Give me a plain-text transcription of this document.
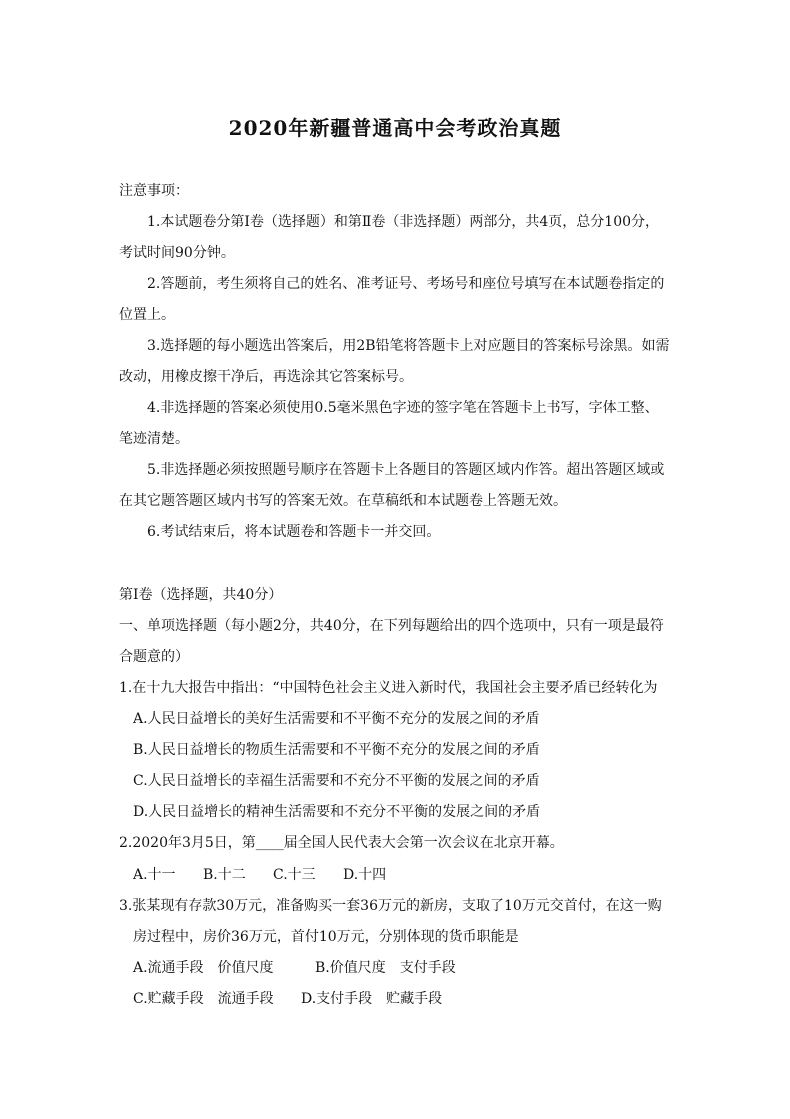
2020年新疆普通高中会考政治真题
注意事项：
1.本试题卷分第Ⅰ卷（选择题）和第Ⅱ卷（非选择题）两部分，共4页，总分100分，
考试时间90分钟。
2.答题前，考生须将自己的姓名、准考证号、考场号和座位号填写在本试题卷指定的
位置上。
3.选择题的每小题选出答案后，用2B铅笔将答题卡上对应题目的答案标号涂黑。如需
改动，用橡皮擦干净后，再选涂其它答案标号。
4.非选择题的答案必须使用0.5毫米黑色字迹的签字笔在答题卡上书写，字体工整、
笔迹清楚。
5.非选择题必须按照题号顺序在答题卡上各题目的答题区域内作答。超出答题区域或
在其它题答题区域内书写的答案无效。在草稿纸和本试题卷上答题无效。
6.考试结束后，将本试题卷和答题卡一并交回。
第Ⅰ卷（选择题，共40分）
一、单项选择题（每小题2分，共40分，在下列每题给出的四个选项中，只有一项是最符
合题意的）
1.在十九大报告中指出：“中国特色社会主义进入新时代，我国社会主要矛盾已经转化为
A.人民日益增长的美好生活需要和不平衡不充分的发展之间的矛盾
B.人民日益增长的物质生活需要和不平衡不充分的发展之间的矛盾
C.人民日益增长的幸福生活需要和不充分不平衡的发展之间的矛盾
D.人民日益增长的精神生活需要和不充分不平衡的发展之间的矛盾
2.2020年3月5日，第____届全国人民代表大会第一次会议在北京开幕。
A.十一 B.十二 C.十三 D.十四
3.张某现有存款30万元，准备购买一套36万元的新房，支取了10万元交首付，在这一购
房过程中，房价36万元，首付10万元，分别体现的货币职能是
A.流通手段　价值尺度	B.价值尺度　支付手段
C.贮藏手段　流通手段 D.支付手段　贮藏手段
